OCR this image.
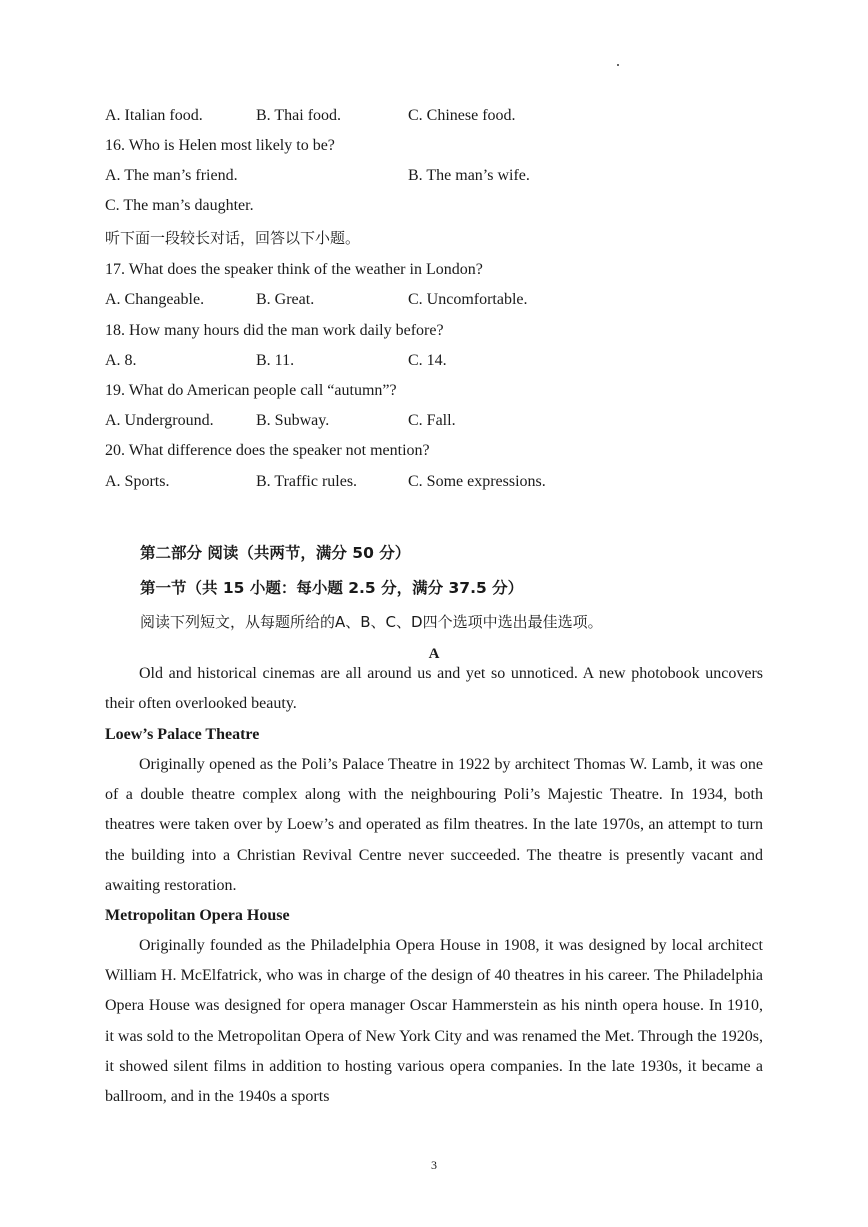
A. Italian food.	B. Thai food.	C. Chinese food.
16. Who is Helen most likely to be?
A. The man’s friend.	B. The man’s wife.
C. The man’s daughter.
听下面一段较长对话，回答以下小题。
17. What does the speaker think of the weather in London?
A. Changeable.	B. Great.	C. Uncomfortable.
18. How many hours did the man work daily before?
A. 8.	B. 11.	C. 14.
19. What do American people call “autumn”?
A. Underground.	B. Subway.	C. Fall.
20. What difference does the speaker not mention?
A. Sports.	B. Traffic rules.	C. Some expressions.
第二部分 阅读（共两节，满分 50 分）
第一节（共 15 小题：每小题 2.5 分，满分 37.5 分）
阅读下列短文，从每题所给的A、B、C、D四个选项中选出最佳选项。
A
Old and historical cinemas are all around us and yet so unnoticed. A new photobook uncovers their often overlooked beauty.
Loew’s Palace Theatre
Originally opened as the Poli’s Palace Theatre in 1922 by architect Thomas W. Lamb, it was one of a double theatre complex along with the neighbouring Poli’s Majestic Theatre. In 1934, both theatres were taken over by Loew’s and operated as film theatres. In the late 1970s, an attempt to turn the building into a Christian Revival Centre never succeeded. The theatre is presently vacant and awaiting restoration.
Metropolitan Opera House
Originally founded as the Philadelphia Opera House in 1908, it was designed by local architect William H. McElfatrick, who was in charge of the design of 40 theatres in his career. The Philadelphia Opera House was designed for opera manager Oscar Hammerstein as his ninth opera house. In 1910, it was sold to the Metropolitan Opera of New York City and was renamed the Met. Through the 1920s, it showed silent films in addition to hosting various opera companies. In the late 1930s, it became a ballroom, and in the 1940s a sports
3
